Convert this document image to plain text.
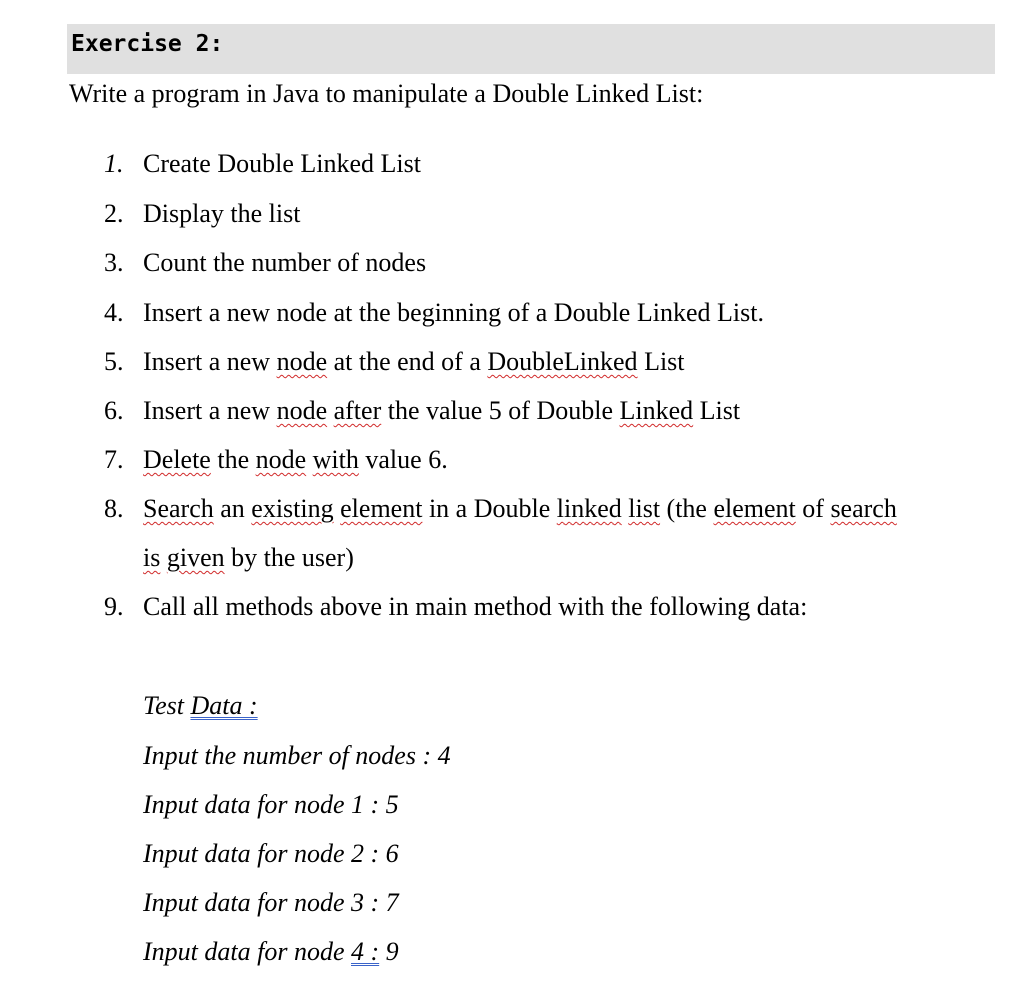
Exercise 2:
Write a program in Java to manipulate a Double Linked List:
1. Create Double Linked List
2. Display the list
3. Count the number of nodes
4. Insert a new node at the beginning of a Double Linked List.
5. Insert a new node at the end of a DoubleLinked List
6. Insert a new node after the value 5 of Double Linked List
7. Delete the node with value 6.
8. Search an existing element in a Double linked list (the element of search
is given by the user)
9. Call all methods above in main method with the following data:
Test Data :
Input the number of nodes : 4
Input data for node 1 : 5
Input data for node 2 : 6
Input data for node 3 : 7
Input data for node 4 : 9
